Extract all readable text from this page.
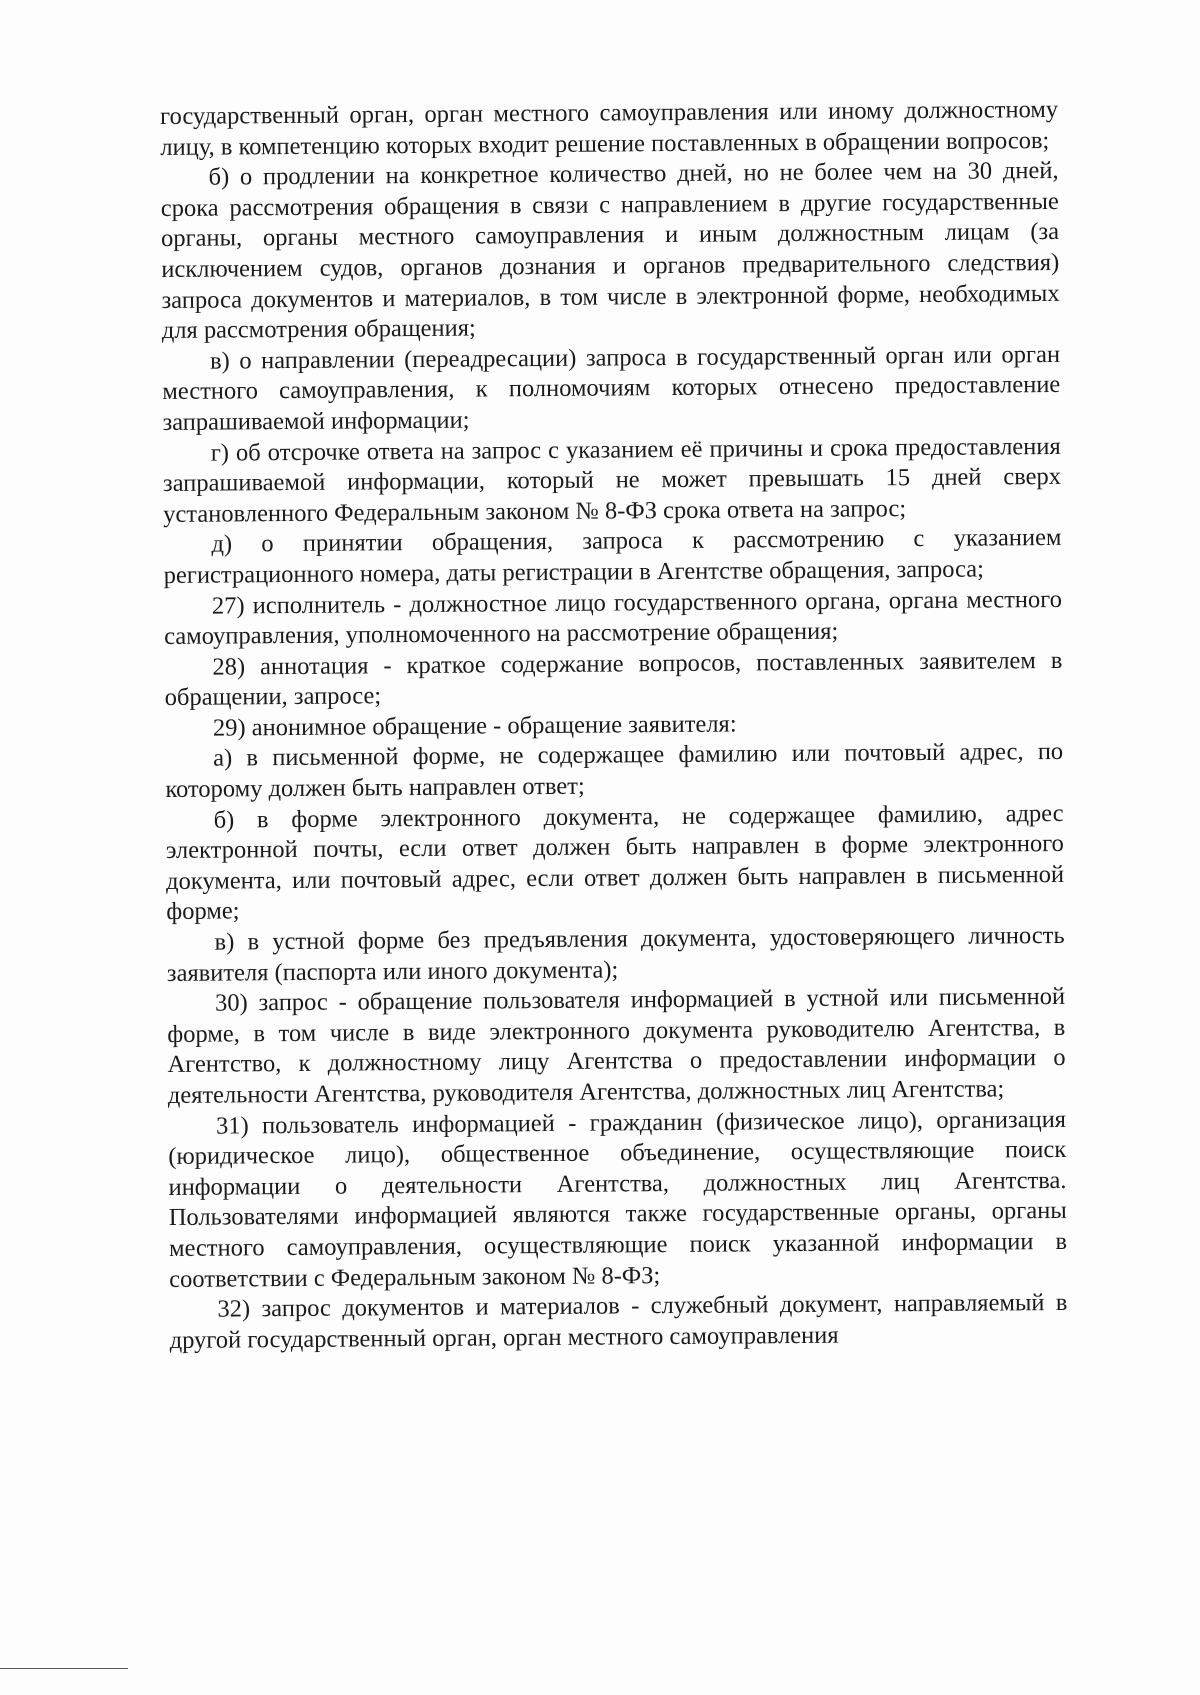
государственный орган, орган местного самоуправления или иному должностному лицу, в компетенцию которых входит решение поставленных в обращении вопросов;

б) о продлении на конкретное количество дней, но не более чем на 30 дней, срока рассмотрения обращения в связи с направлением в другие государственные органы, органы местного самоуправления и иным должностным лицам (за исключением судов, органов дознания и органов предварительного следствия) запроса документов и материалов, в том числе в электронной форме, необходимых для рассмотрения обращения;

в) о направлении (переадресации) запроса в государственный орган или орган местного самоуправления, к полномочиям которых отнесено предоставление запрашиваемой информации;

г) об отсрочке ответа на запрос с указанием её причины и срока предоставления запрашиваемой информации, который не может превышать 15 дней сверх установленного Федеральным законом № 8-ФЗ срока ответа на запрос;

д) о принятии обращения, запроса к рассмотрению с указанием регистрационного номера, даты регистрации в Агентстве обращения, запроса;

27) исполнитель - должностное лицо государственного органа, органа местного самоуправления, уполномоченного на рассмотрение обращения;

28) аннотация - краткое содержание вопросов, поставленных заявителем в обращении, запросе;

29) анонимное обращение - обращение заявителя:

а) в письменной форме, не содержащее фамилию или почтовый адрес, по которому должен быть направлен ответ;

б) в форме электронного документа, не содержащее фамилию, адрес электронной почты, если ответ должен быть направлен в форме электронного документа, или почтовый адрес, если ответ должен быть направлен в письменной форме;

в) в устной форме без предъявления документа, удостоверяющего личность заявителя (паспорта или иного документа);

30) запрос - обращение пользователя информацией в устной или письменной форме, в том числе в виде электронного документа руководителю Агентства, в Агентство, к должностному лицу Агентства о предоставлении информации о деятельности Агентства, руководителя Агентства, должностных лиц Агентства;

31) пользователь информацией - гражданин (физическое лицо), организация (юридическое лицо), общественное объединение, осуществляющие поиск информации о деятельности Агентства, должностных лиц Агентства. Пользователями информацией являются также государственные органы, органы местного самоуправления, осуществляющие поиск указанной информации в соответствии с Федеральным законом № 8-ФЗ;

32) запрос документов и материалов - служебный документ, направляемый в другой государственный орган, орган местного самоуправления
